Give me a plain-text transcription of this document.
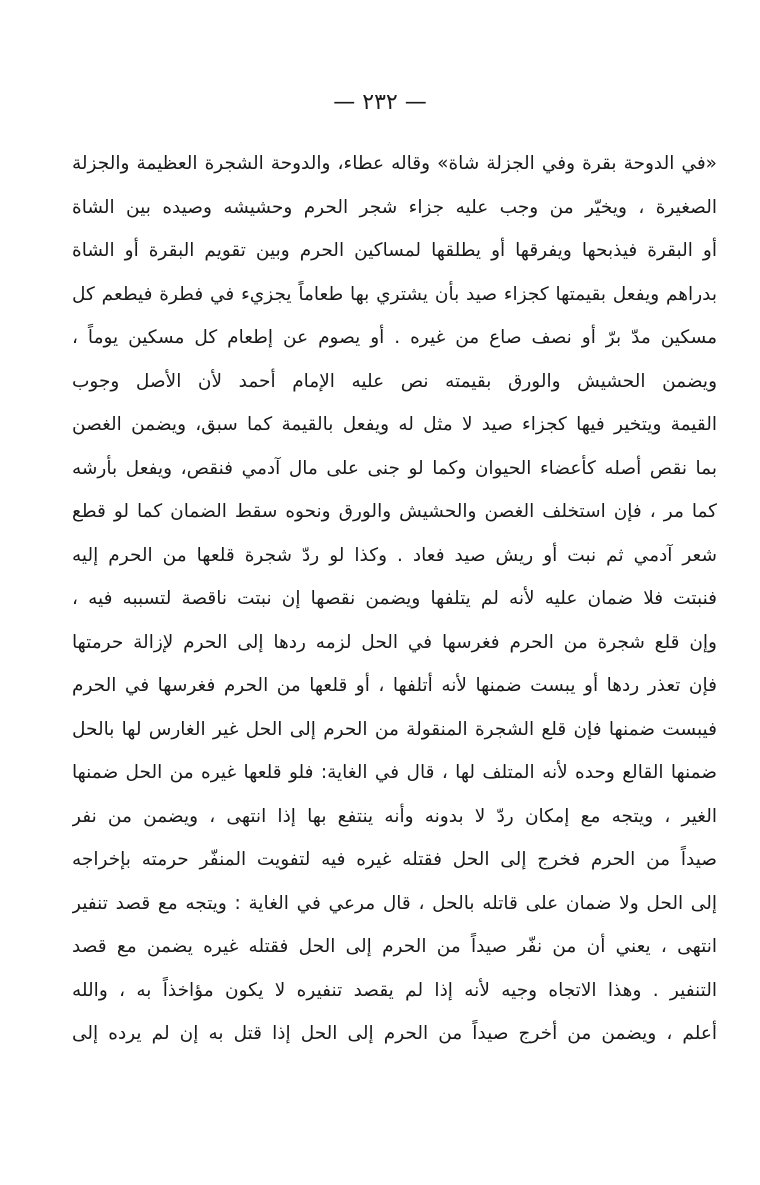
— ٢٣٢ —
«في الدوحة بقرة وفي الجزلة شاة» وقاله عطاء، والدوحة الشجرة العظيمة والجزلة
الصغيرة ، ويخيّر من وجب عليه جزاء شجر الحرم وحشيشه وصيده بين الشاة
أو البقرة فيذبحها ويفرقها أو يطلقها لمساكين الحرم وبين تقويم البقرة أو الشاة
بدراهم ويفعل بقيمتها كجزاء صيد بأن يشتري بها طعاماً يجزيء في فطرة فيطعم كل
مسكين مدّ برّ أو نصف صاع من غيره . أو يصوم عن إطعام كل مسكين يوماً ،
ويضمن الحشيش والورق بقيمته نص عليه الإمام أحمد لأن الأصل وجوب
القيمة ويتخير فيها كجزاء صيد لا مثل له ويفعل بالقيمة كما سبق، ويضمن الغصن
بما نقص أصله كأعضاء الحيوان وكما لو جنى على مال آدمي فنقص، ويفعل بأرشه
كما مر ، فإن استخلف الغصن والحشيش والورق ونحوه سقط الضمان كما لو قطع
شعر آدمي ثم نبت أو ريش صيد فعاد . وكذا لو ردّ شجرة قلعها من الحرم إليه
فنبتت فلا ضمان عليه لأنه لم يتلفها ويضمن نقصها إن نبتت ناقصة لتسببه فيه ،
وإن قلع شجرة من الحرم فغرسها في الحل لزمه ردها إلى الحرم لإزالة حرمتها
فإن تعذر ردها أو يبست ضمنها لأنه أتلفها ، أو قلعها من الحرم فغرسها في الحرم
فيبست ضمنها فإن قلع الشجرة المنقولة من الحرم إلى الحل غير الغارس لها بالحل
ضمنها القالع وحده لأنه المتلف لها ، قال في الغاية: فلو قلعها غيره من الحل ضمنها
الغير ، ويتجه مع إمكان ردّ لا بدونه وأنه ينتفع بها إذا انتهى ، ويضمن من نفر
صيداً من الحرم فخرج إلى الحل فقتله غيره فيه لتفويت المنفّر حرمته بإخراجه
إلى الحل ولا ضمان على قاتله بالحل ، قال مرعي في الغاية : ويتجه مع قصد تنفير
انتهى ، يعني أن من نفّر صيداً من الحرم إلى الحل فقتله غيره يضمن مع قصد
التنفير . وهذا الاتجاه وجيه لأنه إذا لم يقصد تنفيره لا يكون مؤاخذاً به ، والله
أعلم ، ويضمن من أخرج صيداً من الحرم إلى الحل إذا قتل به إن لم يرده إلى
